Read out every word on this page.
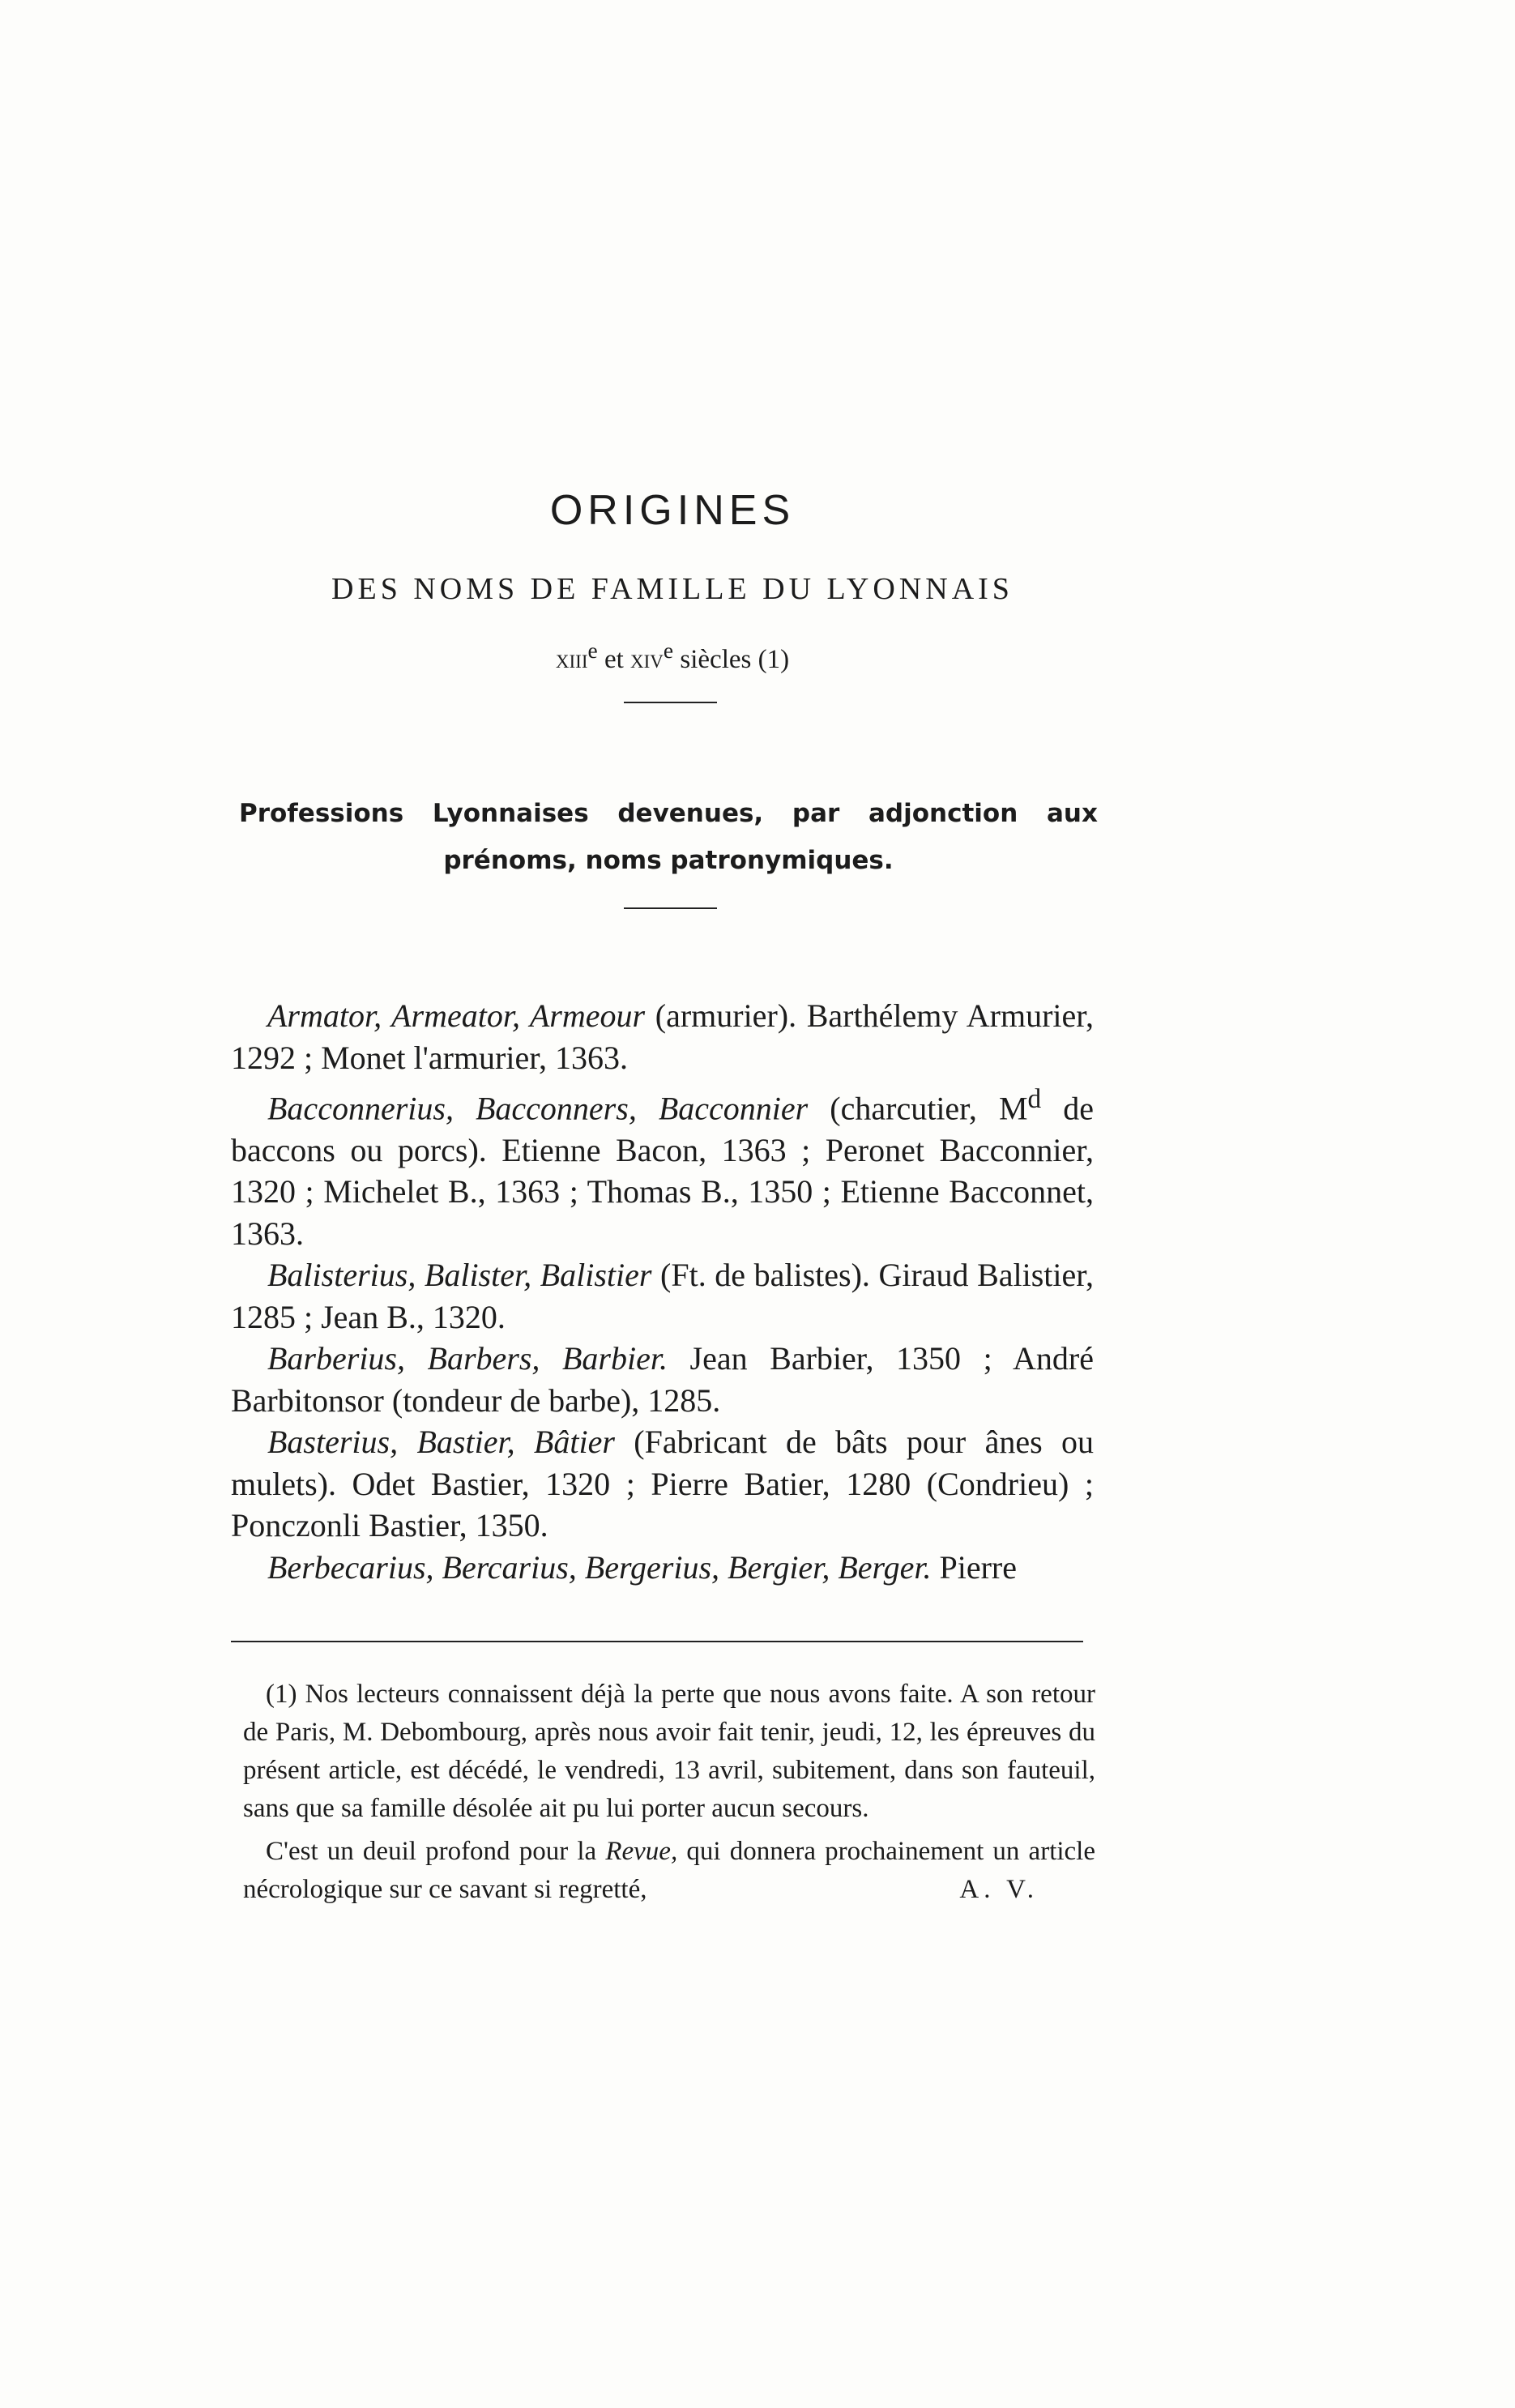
ORIGINES
DES NOMS DE FAMILLE DU LYONNAIS
xiii$^e$ et xiv$^e$ siècles (1)
Professions Lyonnaises devenues, par adjonction aux prénoms, noms patronymiques.

Armator, Armeator, Armeour (armurier). Barthélemy Armurier, 1292 ; Monet l'armurier, 1363.

Bacconnerius, Bacconners, Bacconnier (charcutier, $M^d$ de baccons ou porcs). Etienne Bacon, 1363 ; Peronet Bacconnier, 1320 ; Michelet B., 1363 ; Thomas B., 1350 ; Etienne Bacconnet, 1363.

Balisterius, Balister, Balistier (Ft. de balistes). Giraud Balistier, 1285 ; Jean B., 1320.

Barberius, Barbers, Barbier. Jean Barbier, 1350 ; André Barbitonsor (tondeur de barbe), 1285.

Basterius, Bastier, Bâtier (Fabricant de bâts pour ânes ou mulets). Odet Bastier, 1320 ; Pierre Batier, 1280 (Condrieu) ; Ponczonli Bastier, 1350.

Berbecarius, Bercarius, Bergerius, Bergier, Berger. Pierre

(1) Nos lecteurs connaissent déjà la perte que nous avons faite. A son retour de Paris, M. Debombourg, après nous avoir fait tenir, jeudi, 12, les épreuves du présent article, est décédé, le vendredi, 13 avril, subitement, dans son fauteuil, sans que sa famille désolée ait pu lui porter aucun secours.

C'est un deuil profond pour la Revue, qui donnera prochainement un article nécrologique sur ce savant si regretté,	A. V.
